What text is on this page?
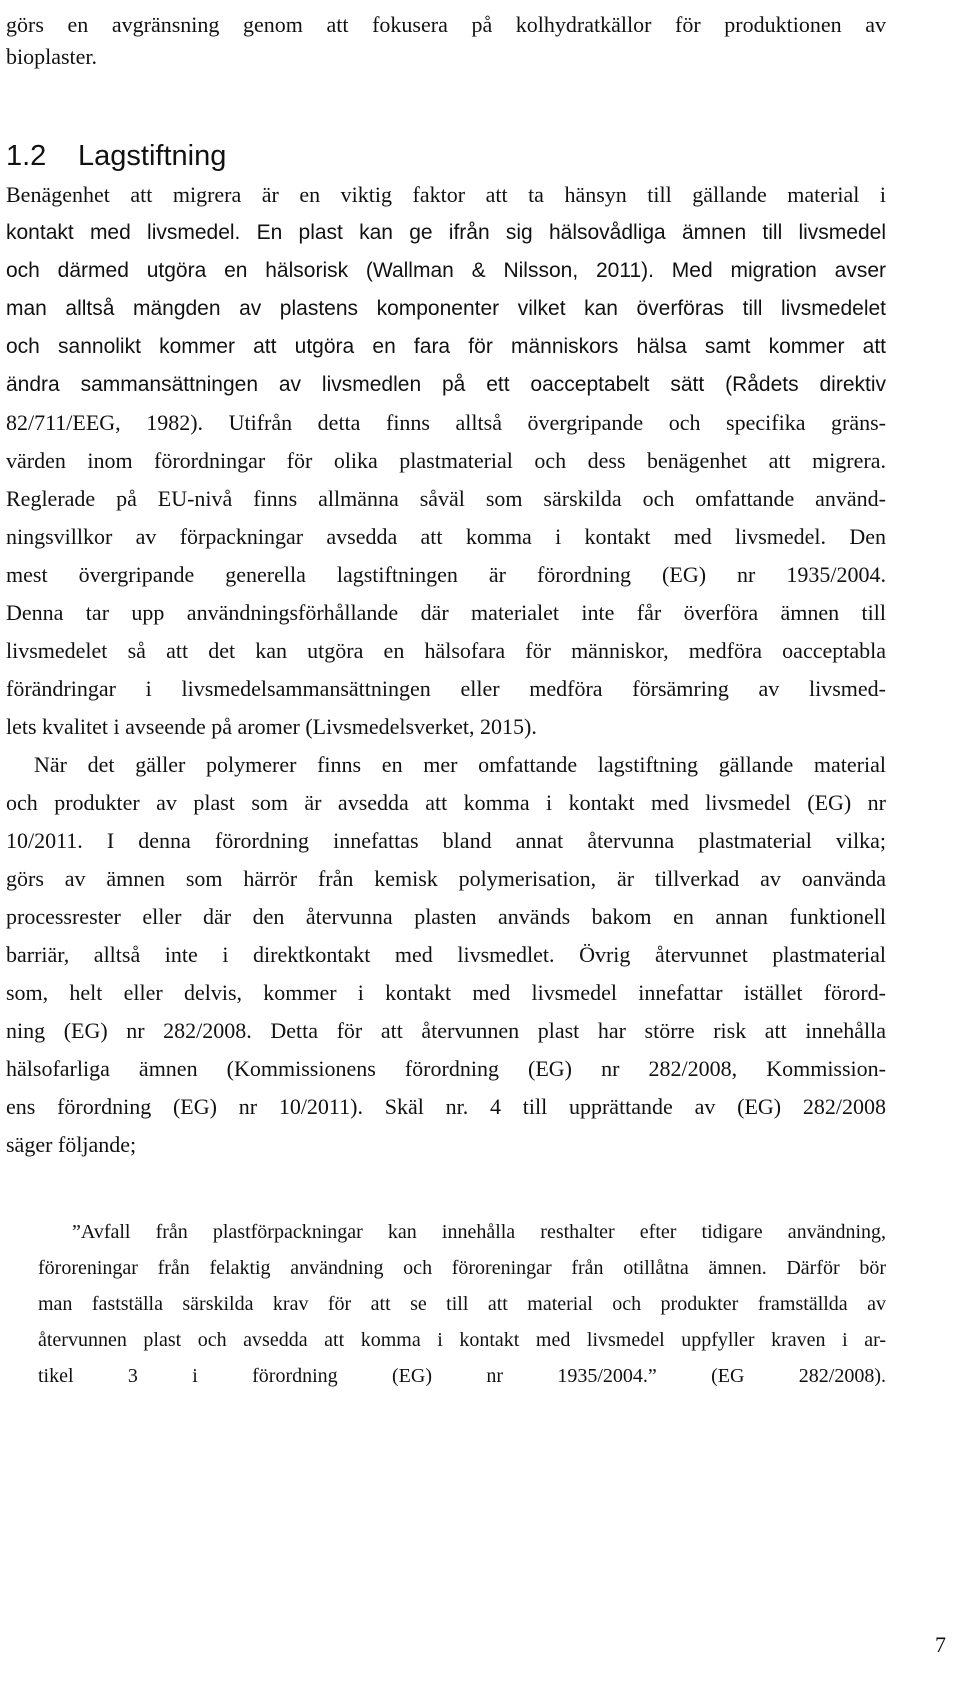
görs en avgränsning genom att fokusera på kolhydratkällor för produktionen av
bioplaster.
1.2 Lagstiftning
Benägenhet att migrera är en viktig faktor att ta hänsyn till gällande material i
kontakt med livsmedel. En plast kan ge ifrån sig hälsovådliga ämnen till livsmedel
och därmed utgöra en hälsorisk (Wallman & Nilsson, 2011). Med migration avser
man alltså mängden av plastens komponenter vilket kan överföras till livsmedelet
och sannolikt kommer att utgöra en fara för människors hälsa samt kommer att
ändra sammansättningen av livsmedlen på ett oacceptabelt sätt (Rådets direktiv
82/711/EEG, 1982). Utifrån detta finns alltså övergripande och specifika gräns-
värden inom förordningar för olika plastmaterial och dess benägenhet att migrera.
Reglerade på EU-nivå finns allmänna såväl som särskilda och omfattande använd-
ningsvillkor av förpackningar avsedda att komma i kontakt med livsmedel. Den
mest övergripande generella lagstiftningen är förordning (EG) nr 1935/2004.
Denna tar upp användningsförhållande där materialet inte får överföra ämnen till
livsmedelet så att det kan utgöra en hälsofara för människor, medföra oacceptabla
förändringar i livsmedelsammansättningen eller medföra försämring av livsmed-
lets kvalitet i avseende på aromer (Livsmedelsverket, 2015).
När det gäller polymerer finns en mer omfattande lagstiftning gällande material
och produkter av plast som är avsedda att komma i kontakt med livsmedel (EG) nr
10/2011. I denna förordning innefattas bland annat återvunna plastmaterial vilka;
görs av ämnen som härrör från kemisk polymerisation, är tillverkad av oanvända
processrester eller där den återvunna plasten används bakom en annan funktionell
barriär, alltså inte i direktkontakt med livsmedlet. Övrig återvunnet plastmaterial
som, helt eller delvis, kommer i kontakt med livsmedel innefattar istället förord-
ning (EG) nr 282/2008. Detta för att återvunnen plast har större risk att innehålla
hälsofarliga ämnen (Kommissionens förordning (EG) nr 282/2008, Kommission-
ens förordning (EG) nr 10/2011). Skäl nr. 4 till upprättande av (EG) 282/2008
säger följande;
”Avfall från plastförpackningar kan innehålla resthalter efter tidigare användning,
föroreningar från felaktig användning och föroreningar från otillåtna ämnen. Därför bör
man fastställa särskilda krav för att se till att material och produkter framställda av
återvunnen plast och avsedda att komma i kontakt med livsmedel uppfyller kraven i ar-
tikel 3 i förordning (EG) nr 1935/2004.” (EG 282/2008).
7
